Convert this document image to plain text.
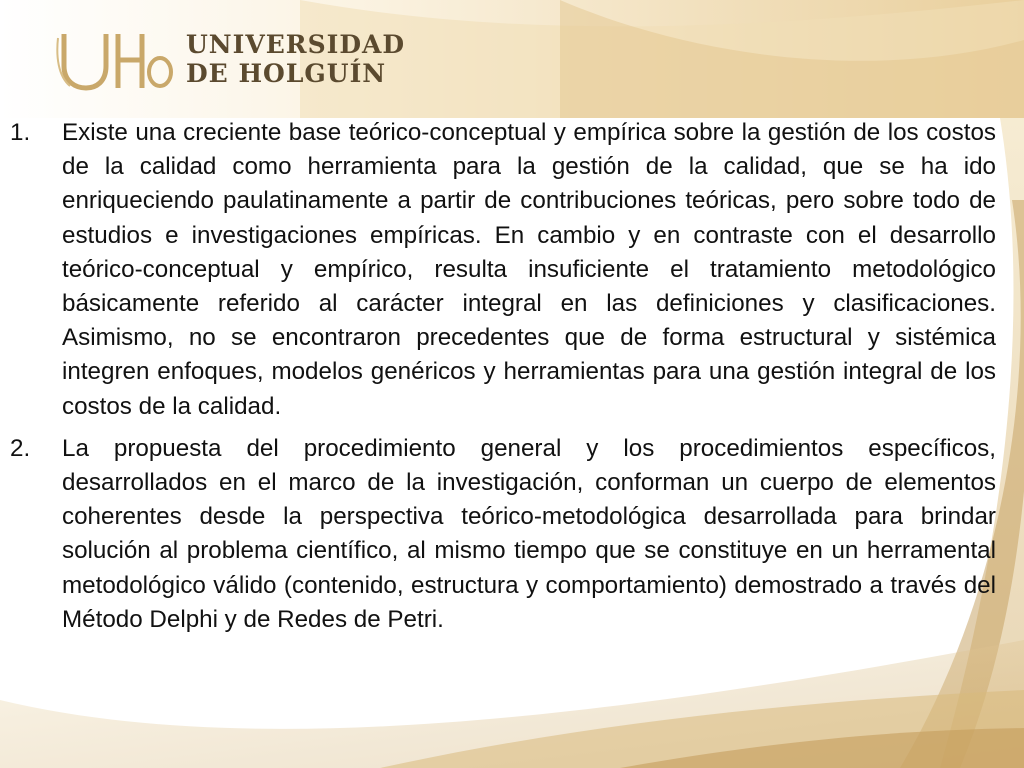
UNIVERSIDAD
DE HOLGUÍN
1. Existe una creciente base teórico-conceptual y empírica sobre la gestión de los costos de la calidad como herramienta para la gestión de la calidad, que se ha ido enriqueciendo paulatinamente a partir de contribuciones teóricas, pero sobre todo de estudios e investigaciones empíricas. En cambio y en contraste con el desarrollo teórico-conceptual y empírico, resulta insuficiente el tratamiento metodológico básicamente referido al carácter integral en las definiciones y clasificaciones. Asimismo, no se encontraron precedentes que de forma estructural y sistémica integren enfoques, modelos genéricos y herramientas para una gestión integral de los costos de la calidad.
2. La propuesta del procedimiento general y los procedimientos específicos, desarrollados en el marco de la investigación, conforman un cuerpo de elementos coherentes desde la perspectiva teórico-metodológica desarrollada para brindar solución al problema científico, al mismo tiempo que se constituye en un herramental metodológico válido (contenido, estructura y comportamiento) demostrado a través del Método Delphi y de Redes de Petri.
